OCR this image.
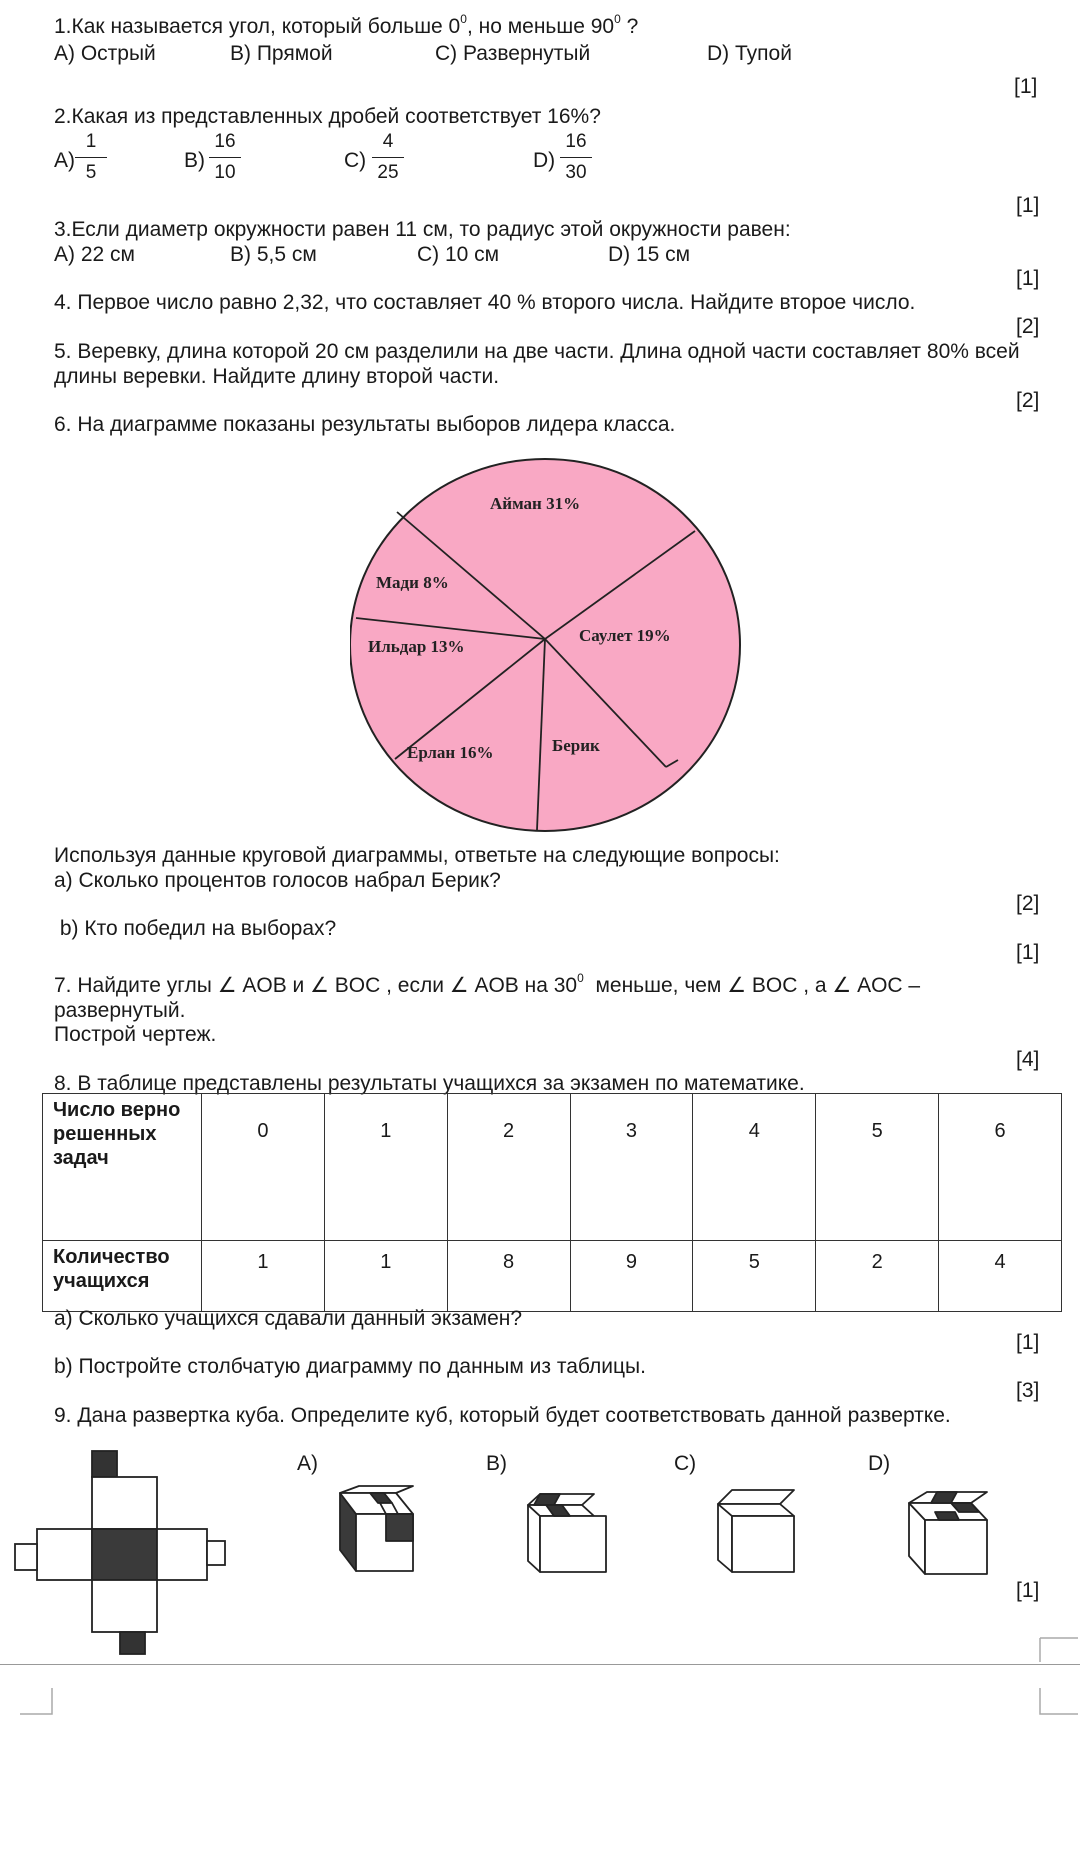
1.Как называется угол, который больше $0^0$, но меньше $90^0$ ?
A) Острый	B) Прямой	C) Развернутый	D) Тупой
[1]
2.Какая из представленных дробей соответствует 16%?
A)
1
5
B)
16
10
C)
4
25
D)
16
30
[1]
3.Если диаметр окружности равен 11 см, то радиус этой окружности равен:
A) 22 см	B) 5,5 см	C) 10 см	D) 15 см
[1]
4. Первое число равно 2,32, что составляет 40 % второго числа. Найдите второе число.
[2]
5. Веревку, длина которой 20 см разделили на две части. Длина одной части составляет 80% всей
длины веревки. Найдите длину второй части.
[2]
6. На диаграмме показаны результаты выборов лидера класса.
Айман 31%
Саулет 19%
Берик
Ерлан 16%
Ильдар 13%
Мади 8%
Используя данные круговой диаграммы, ответьте на следующие вопросы:
a) Сколько процентов голосов набрал Берик?
[2]
b) Кто победил на выборах?
[1]
7. Найдите углы ∠ AOB и ∠ BOC , если ∠ AOB на $30^0$  меньше, чем ∠ BOC , а ∠ AOC –
развернутый.
Построй чертеж.
[4]
8. В таблице представлены результаты учащихся за экзамен по математике.
Число верно решенных задач	0	1	2	3	4	5	6
Количество учащихся	1	1	8	9	5	2	4
a) Сколько учащихся сдавали данный экзамен?
[1]
b) Постройте столбчатую диаграмму по данным из таблицы.
[3]
9. Дана развертка куба. Определите куб, который будет соответствовать данной развертке.
A)	B)	C)	D)
[1]
